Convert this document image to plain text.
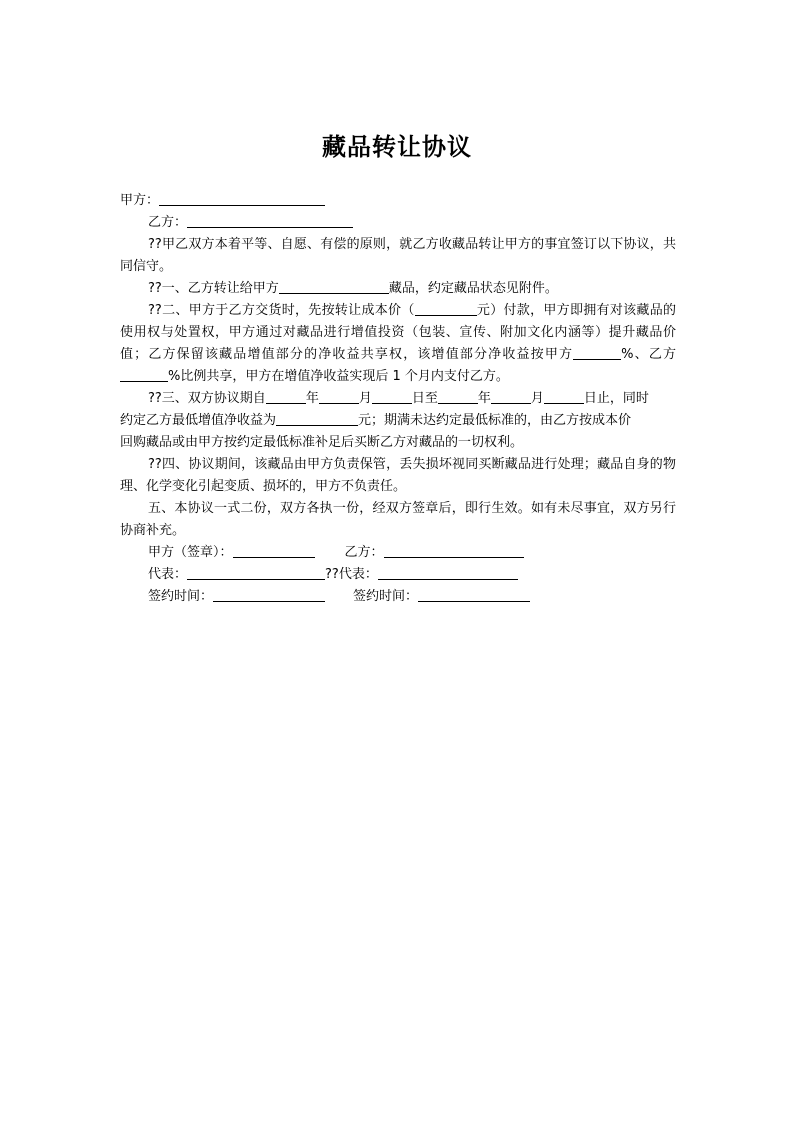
藏品转让协议
甲方：
乙方：
??甲乙双方本着平等、自愿、有偿的原则，就乙方收藏品转让甲方的事宜签订以下协议，共同信守。
??一、乙方转让给甲方	藏品，约定藏品状态见附件。
??二、甲方于乙方交货时，先按转让成本价（	元）付款，甲方即拥有对该藏品的使用权与处置权，甲方通过对藏品进行增值投资（包装、宣传、附加文化内涵等）提升藏品价值；乙方保留该藏品增值部分的净收益共享权，该增值部分净收益按甲方	%、乙方%比例共享，甲方在增值净收益实现后 1 个月内支付乙方。
??三、双方协议期自	年	月	日至	年	月	日止，同时
约定乙方最低增值净收益为	元；期满未达约定最低标准的，由乙方按成本价
回购藏品或由甲方按约定最低标准补足后买断乙方对藏品的一切权利。
??四、协议期间，该藏品由甲方负责保管，丢失损坏视同买断藏品进行处理；藏品自身的物理、化学变化引起变质、损坏的，甲方不负责任。
五、本协议一式二份，双方各执一份，经双方签章后，即行生效。如有未尽事宜，双方另行协商补充。
甲方（签章）：	乙方：
代表：	??代表：
签约时间：	签约时间：
